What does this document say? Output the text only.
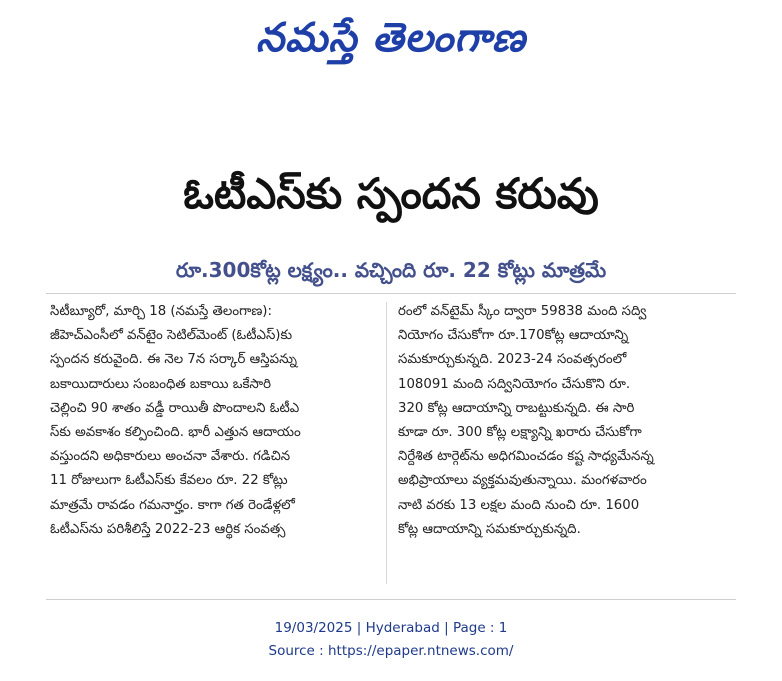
నమస్తే తెలంగాణ
ఓటీఎస్‌కు స్పందన కరువు
రూ.300కోట్ల లక్ష్యం.. వచ్చింది రూ. 22 కోట్లు మాత్రమే
సిటీబ్యూరో, మార్చి 18 (నమస్తే తెలంగాణ):
జీహెచ్ఎంసీలో వన్‌టైం సెటిల్‌మెంట్ (ఓటీఎస్)కు
స్పందన కరువైంది. ఈ నెల 7న సర్కార్ ఆస్తిపన్ను
బకాయిదారులు సంబంధిత బకాయి ఒకేసారి
చెల్లించి 90 శాతం వడ్డీ రాయితీ పొందాలని ఓటీఎ
స్‌కు అవకాశం కల్పించింది. భారీ ఎత్తున ఆదాయం
వస్తుందని అధికారులు అంచనా వేశారు. గడిచిన
11 రోజులుగా ఓటీఎస్‌కు కేవలం రూ. 22 కోట్లు
మాత్రమే రావడం గమనార్హం. కాగా గత రెండేళ్లలో
ఓటీఎస్‌ను పరిశీలిస్తే 2022-23 ఆర్థిక సంవత్స
రంలో వన్‌టైమ్ స్కీం ద్వారా 59838 మంది సద్వి
నియోగం చేసుకోగా రూ.170కోట్ల ఆదాయాన్ని
సమకూర్చుకున్నది. 2023-24 సంవత్సరంలో
108091 మంది సద్వినియోగం చేసుకొని రూ.
320 కోట్ల ఆదాయాన్ని రాబట్టుకున్నది. ఈ సారి
కూడా రూ. 300 కోట్ల లక్ష్యాన్ని ఖరారు చేసుకోగా
నిర్దేశిత టార్గెట్‌ను అధిగమించడం కష్ట సాధ్యమేనన్న
అభిప్రాయాలు వ్యక్తమవుతున్నాయి. మంగళవారం
నాటి వరకు 13 లక్షల మంది నుంచి రూ. 1600
కోట్ల ఆదాయాన్ని సమకూర్చుకున్నది.
19/03/2025 | Hyderabad | Page : 1
Source : https://epaper.ntnews.com/
